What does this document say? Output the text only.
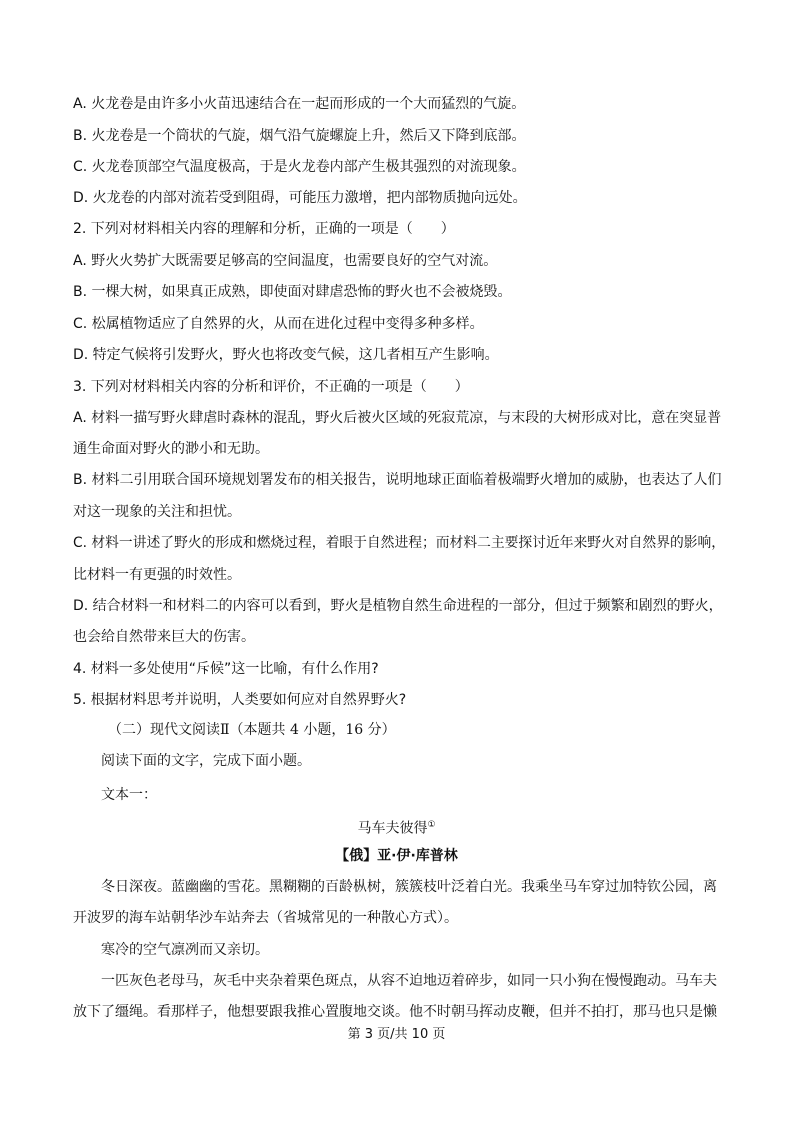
A. 火龙卷是由许多小火苗迅速结合在一起而形成的一个大而猛烈的气旋。
B. 火龙卷是一个筒状的气旋，烟气沿气旋螺旋上升，然后又下降到底部。
C. 火龙卷顶部空气温度极高，于是火龙卷内部产生极其强烈的对流现象。
D. 火龙卷的内部对流若受到阻碍，可能压力激增，把内部物质抛向远处。
2. 下列对材料相关内容的理解和分析，正确的一项是（　　）
A. 野火火势扩大既需要足够高的空间温度，也需要良好的空气对流。
B. 一棵大树，如果真正成熟，即使面对肆虐恐怖的野火也不会被烧毁。
C. 松属植物适应了自然界的火，从而在进化过程中变得多种多样。
D. 特定气候将引发野火，野火也将改变气候，这几者相互产生影响。
3. 下列对材料相关内容的分析和评价，不正确的一项是（　　）
A. 材料一描写野火肆虐时森林的混乱，野火后被火区域的死寂荒凉，与末段的大树形成对比，意在突显普
通生命面对野火的渺小和无助。
B. 材料二引用联合国环境规划署发布的相关报告，说明地球正面临着极端野火增加的威胁，也表达了人们
对这一现象的关注和担忧。
C. 材料一讲述了野火的形成和燃烧过程，着眼于自然进程；而材料二主要探讨近年来野火对自然界的影响，
比材料一有更强的时效性。
D. 结合材料一和材料二的内容可以看到，野火是植物自然生命进程的一部分，但过于频繁和剧烈的野火，
也会给自然带来巨大的伤害。
4. 材料一多处使用“斥候”这一比喻，有什么作用?
5. 根据材料思考并说明，人类要如何应对自然界野火?
（二）现代文阅读Ⅱ（本题共 4 小题，16 分）
阅读下面的文字，完成下面小题。
文本一：
马车夫彼得①
【俄】亚·伊·库普林
冬日深夜。蓝幽幽的雪花。黑糊糊的百龄枞树，簇簇枝叶泛着白光。我乘坐马车穿过加特钦公园，离
开波罗的海车站朝华沙车站奔去（省城常见的一种散心方式）。
寒冷的空气凛冽而又亲切。
一匹灰色老母马，灰毛中夹杂着栗色斑点，从容不迫地迈着碎步，如同一只小狗在慢慢跑动。马车夫
放下了缰绳。看那样子，他想要跟我推心置腹地交谈。他不时朝马挥动皮鞭，但并不拍打，那马也只是懒
第 3 页/共 10 页
